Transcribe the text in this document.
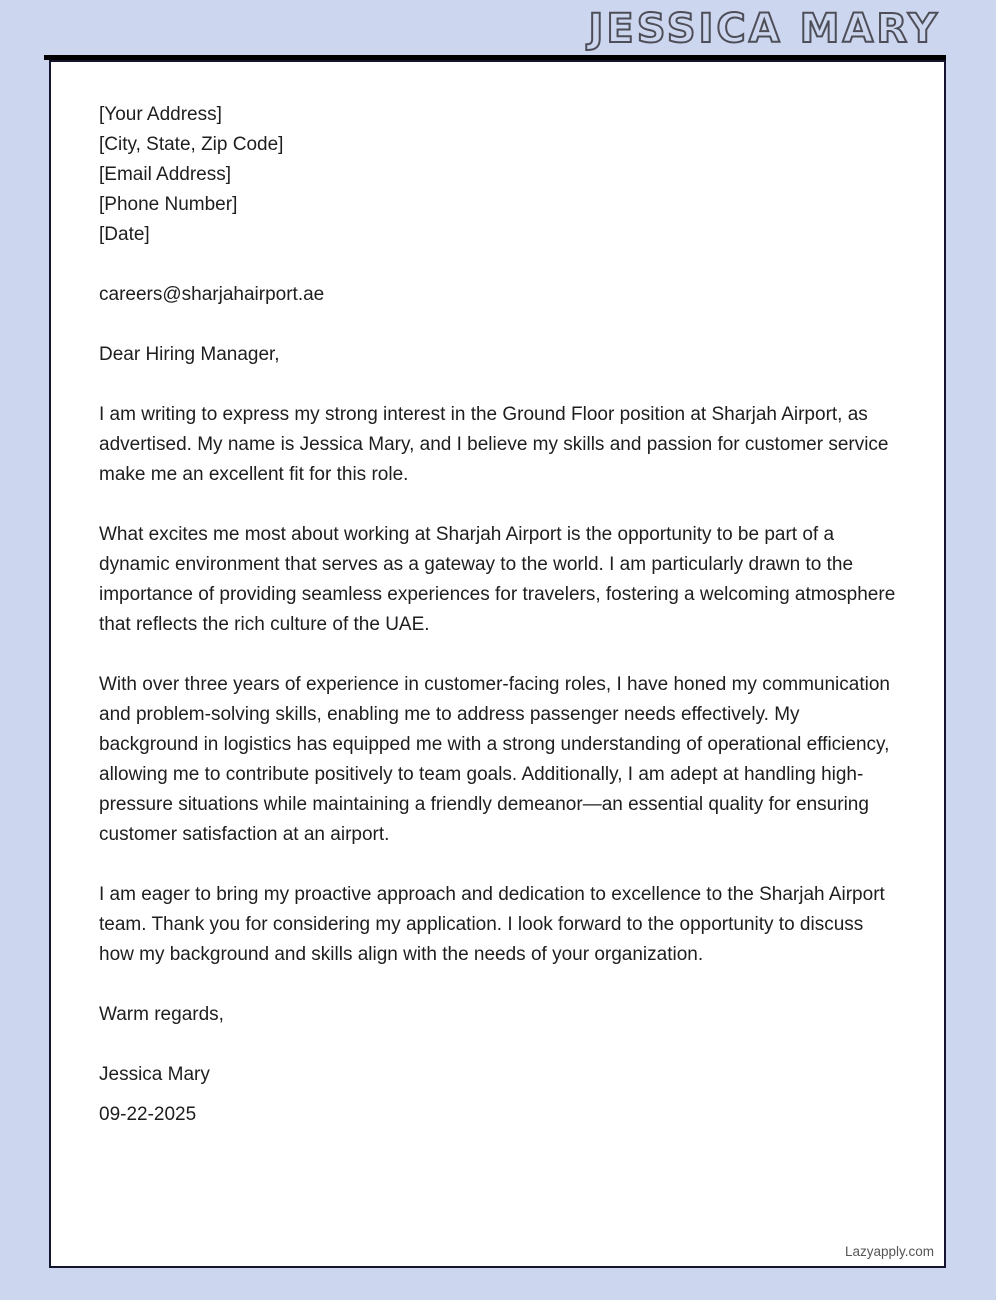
JESSICA MARY
[Your Address]
[City, State, Zip Code]
[Email Address]
[Phone Number]
[Date]

careers@sharjahairport.ae

Dear Hiring Manager,

I am writing to express my strong interest in the Ground Floor position at Sharjah Airport, as advertised. My name is Jessica Mary, and I believe my skills and passion for customer service make me an excellent fit for this role.

What excites me most about working at Sharjah Airport is the opportunity to be part of a dynamic environment that serves as a gateway to the world. I am particularly drawn to the importance of providing seamless experiences for travelers, fostering a welcoming atmosphere that reflects the rich culture of the UAE.

With over three years of experience in customer-facing roles, I have honed my communication and problem-solving skills, enabling me to address passenger needs effectively. My background in logistics has equipped me with a strong understanding of operational efficiency, allowing me to contribute positively to team goals. Additionally, I am adept at handling high-pressure situations while maintaining a friendly demeanor—an essential quality for ensuring customer satisfaction at an airport.

I am eager to bring my proactive approach and dedication to excellence to the Sharjah Airport team. Thank you for considering my application. I look forward to the opportunity to discuss how my background and skills align with the needs of your organization.

Warm regards,

Jessica Mary

09-22-2025

Lazyapply.com
